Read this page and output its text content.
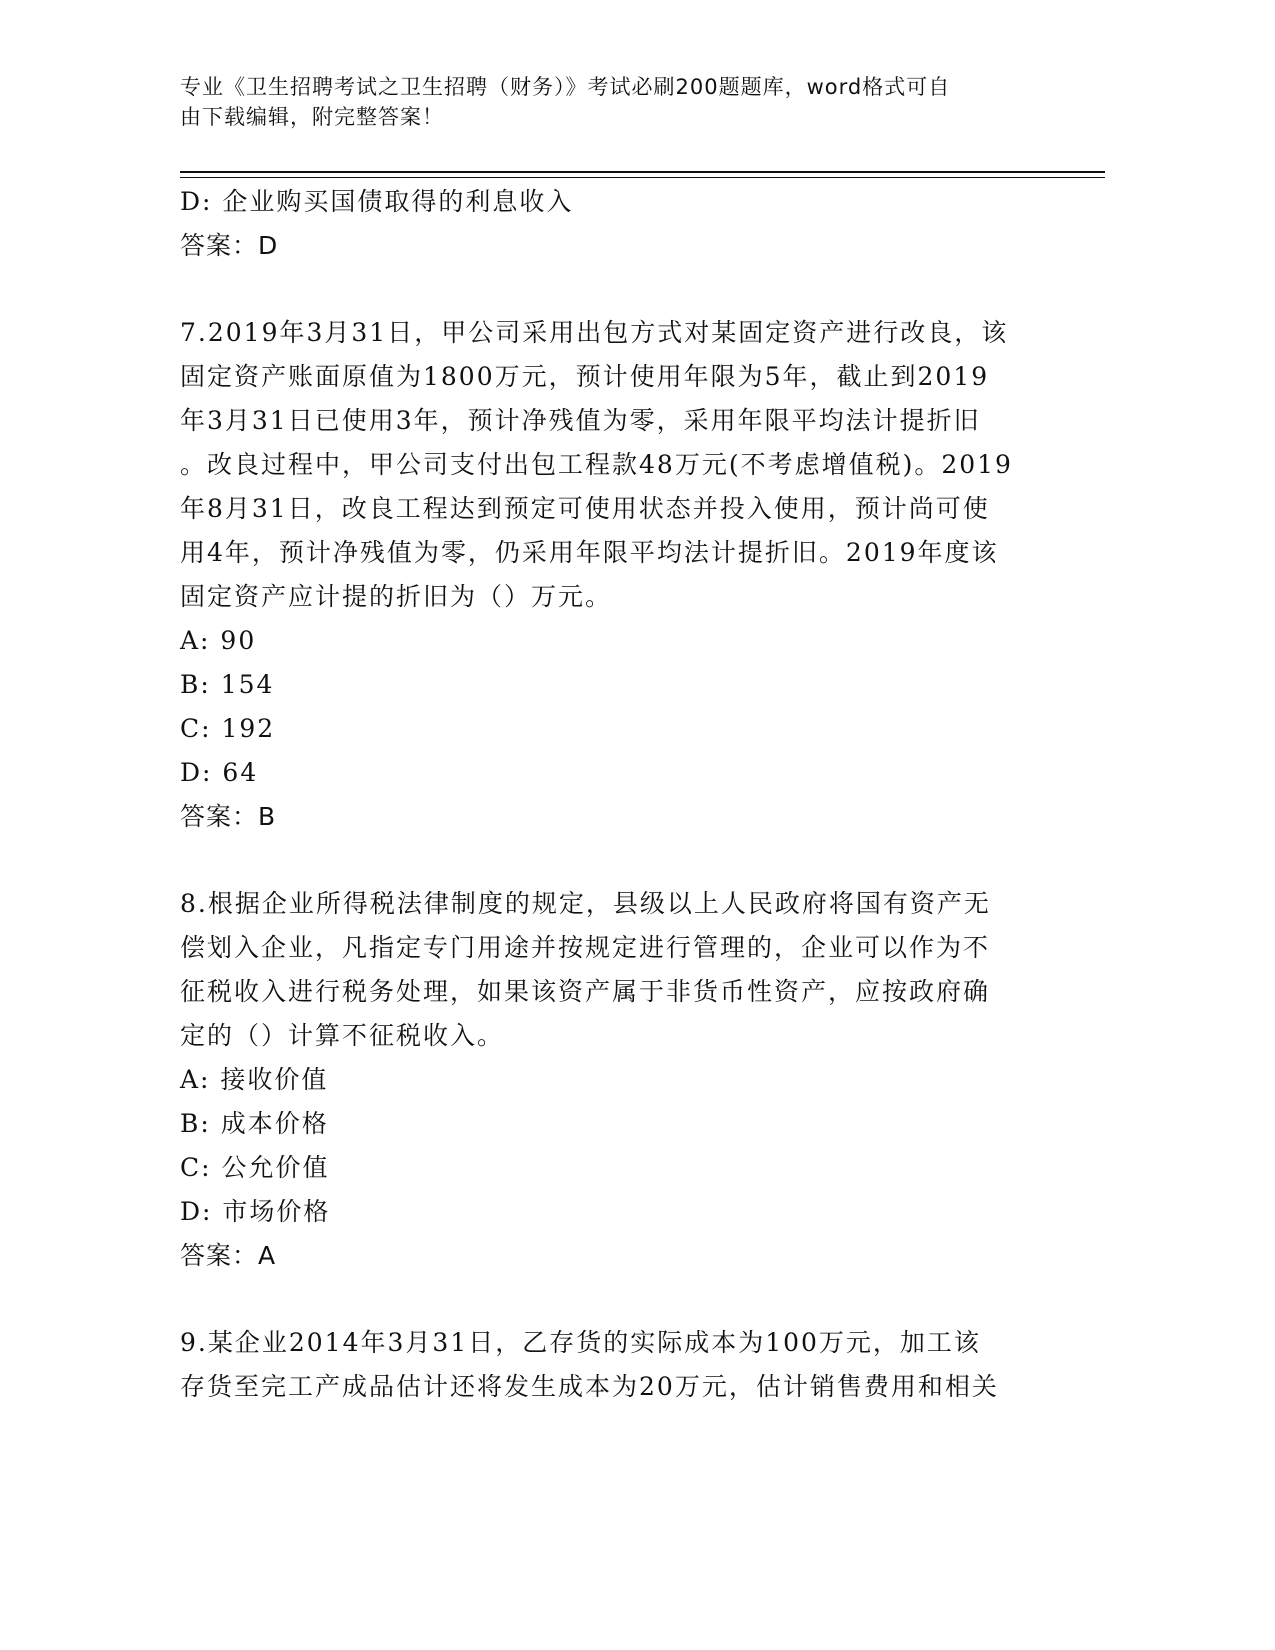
专业《卫生招聘考试之卫生招聘（财务）》考试必刷200题题库，word格式可自
由下载编辑，附完整答案！
D: 企业购买国债取得的利息收入
答案：D
7.2019年3月31日，甲公司采用出包方式对某固定资产进行改良，该
固定资产账面原值为1800万元，预计使用年限为5年，截止到2019
年3月31日已使用3年，预计净残值为零，采用年限平均法计提折旧
。改良过程中，甲公司支付出包工程款48万元(不考虑增值税)。2019
年8月31日，改良工程达到预定可使用状态并投入使用，预计尚可使
用4年，预计净残值为零，仍采用年限平均法计提折旧。2019年度该
固定资产应计提的折旧为（）万元。
A: 90
B: 154
C: 192
D: 64
答案：B
8.根据企业所得税法律制度的规定，县级以上人民政府将国有资产无
偿划入企业，凡指定专门用途并按规定进行管理的，企业可以作为不
征税收入进行税务处理，如果该资产属于非货币性资产，应按政府确
定的（）计算不征税收入。
A: 接收价值
B: 成本价格
C: 公允价值
D: 市场价格
答案：A
9.某企业2014年3月31日，乙存货的实际成本为100万元，加工该
存货至完工产成品估计还将发生成本为20万元，估计销售费用和相关
